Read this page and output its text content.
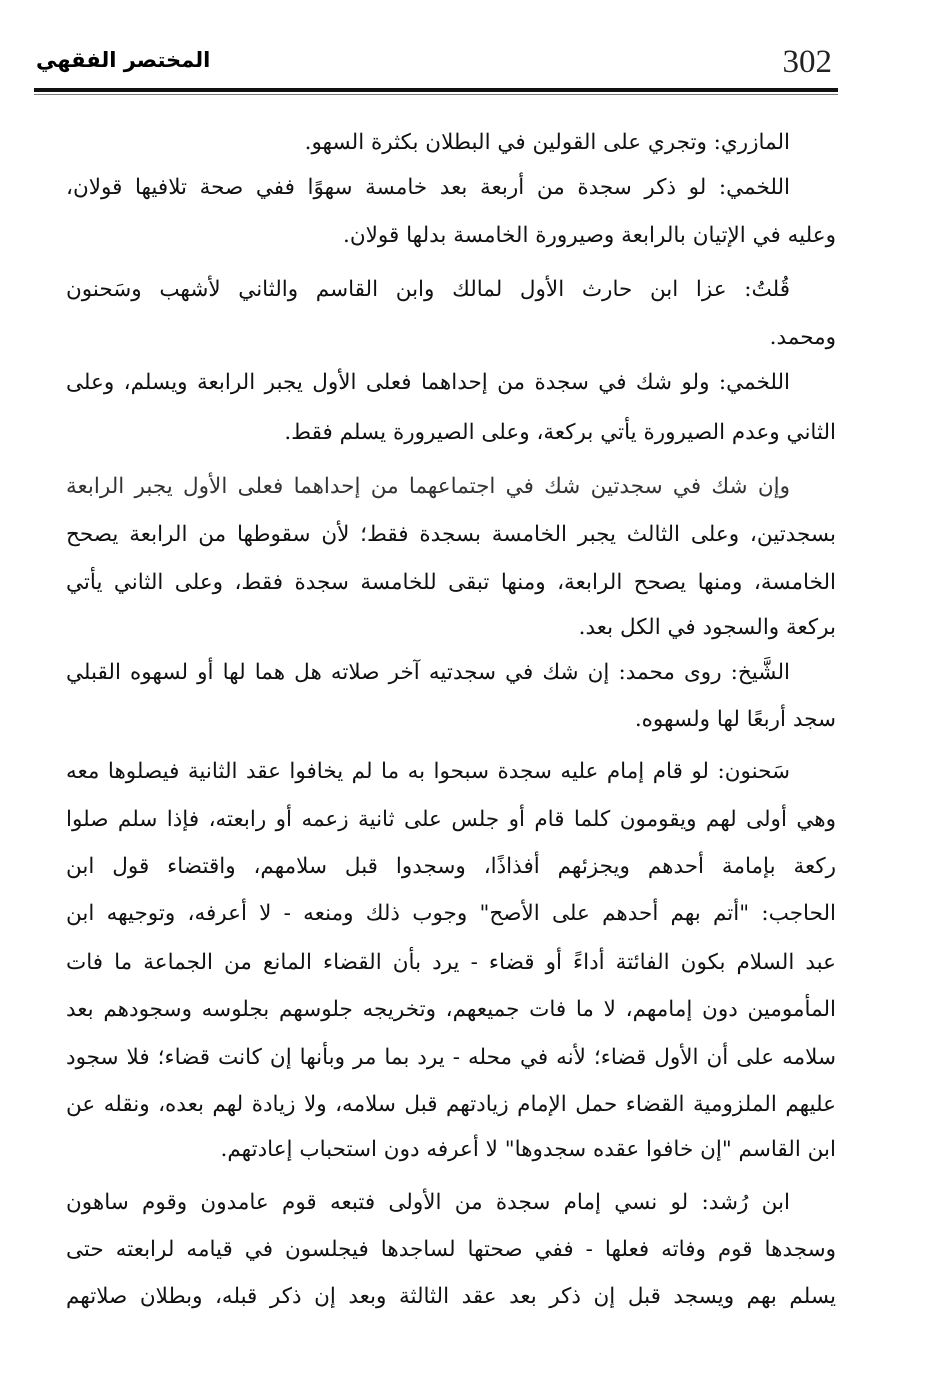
302
المختصر الفقهي
المازري: وتجري على القولين في البطلان بكثرة السهو.
اللخمي: لو ذكر سجدة من أربعة بعد خامسة سهوًا ففي صحة تلافيها قولان،
وعليه في الإتيان بالرابعة وصيرورة الخامسة بدلها قولان.
قُلتُ: عزا ابن حارث الأول لمالك وابن القاسم والثاني لأشهب وسَحنون
ومحمد.
اللخمي: ولو شك في سجدة من إحداهما فعلى الأول يجبر الرابعة ويسلم، وعلى
الثاني وعدم الصيرورة يأتي بركعة، وعلى الصيرورة يسلم فقط.
وإن شك في سجدتين شك في اجتماعهما من إحداهما فعلى الأول يجبر الرابعة
بسجدتين، وعلى الثالث يجبر الخامسة بسجدة فقط؛ لأن سقوطها من الرابعة يصحح
الخامسة، ومنها يصحح الرابعة، ومنها تبقى للخامسة سجدة فقط، وعلى الثاني يأتي
بركعة والسجود في الكل بعد.
الشَّيخ: روى محمد: إن شك في سجدتيه آخر صلاته هل هما لها أو لسهوه القبلي
سجد أربعًا لها ولسهوه.
سَحنون: لو قام إمام عليه سجدة سبحوا به ما لم يخافوا عقد الثانية فيصلوها معه
وهي أولى لهم ويقومون كلما قام أو جلس على ثانية زعمه أو رابعته، فإذا سلم صلوا
ركعة بإمامة أحدهم ويجزئهم أفذاذًا، وسجدوا قبل سلامهم، واقتضاء قول ابن
الحاجب: "أتم بهم أحدهم على الأصح" وجوب ذلك ومنعه - لا أعرفه، وتوجيهه ابن
عبد السلام بكون الفائتة أداءً أو قضاء - يرد بأن القضاء المانع من الجماعة ما فات
المأمومين دون إمامهم، لا ما فات جميعهم، وتخريجه جلوسهم بجلوسه وسجودهم بعد
سلامه على أن الأول قضاء؛ لأنه في محله - يرد بما مر وبأنها إن كانت قضاء؛ فلا سجود
عليهم الملزومية القضاء حمل الإمام زيادتهم قبل سلامه، ولا زيادة لهم بعده، ونقله عن
ابن القاسم "إن خافوا عقده سجدوها" لا أعرفه دون استحباب إعادتهم.
ابن رُشد: لو نسي إمام سجدة من الأولى فتبعه قوم عامدون وقوم ساهون
وسجدها قوم وفاته فعلها - ففي صحتها لساجدها فيجلسون في قيامه لرابعته حتى
يسلم بهم ويسجد قبل إن ذكر بعد عقد الثالثة وبعد إن ذكر قبله، وبطلان صلاتهم
